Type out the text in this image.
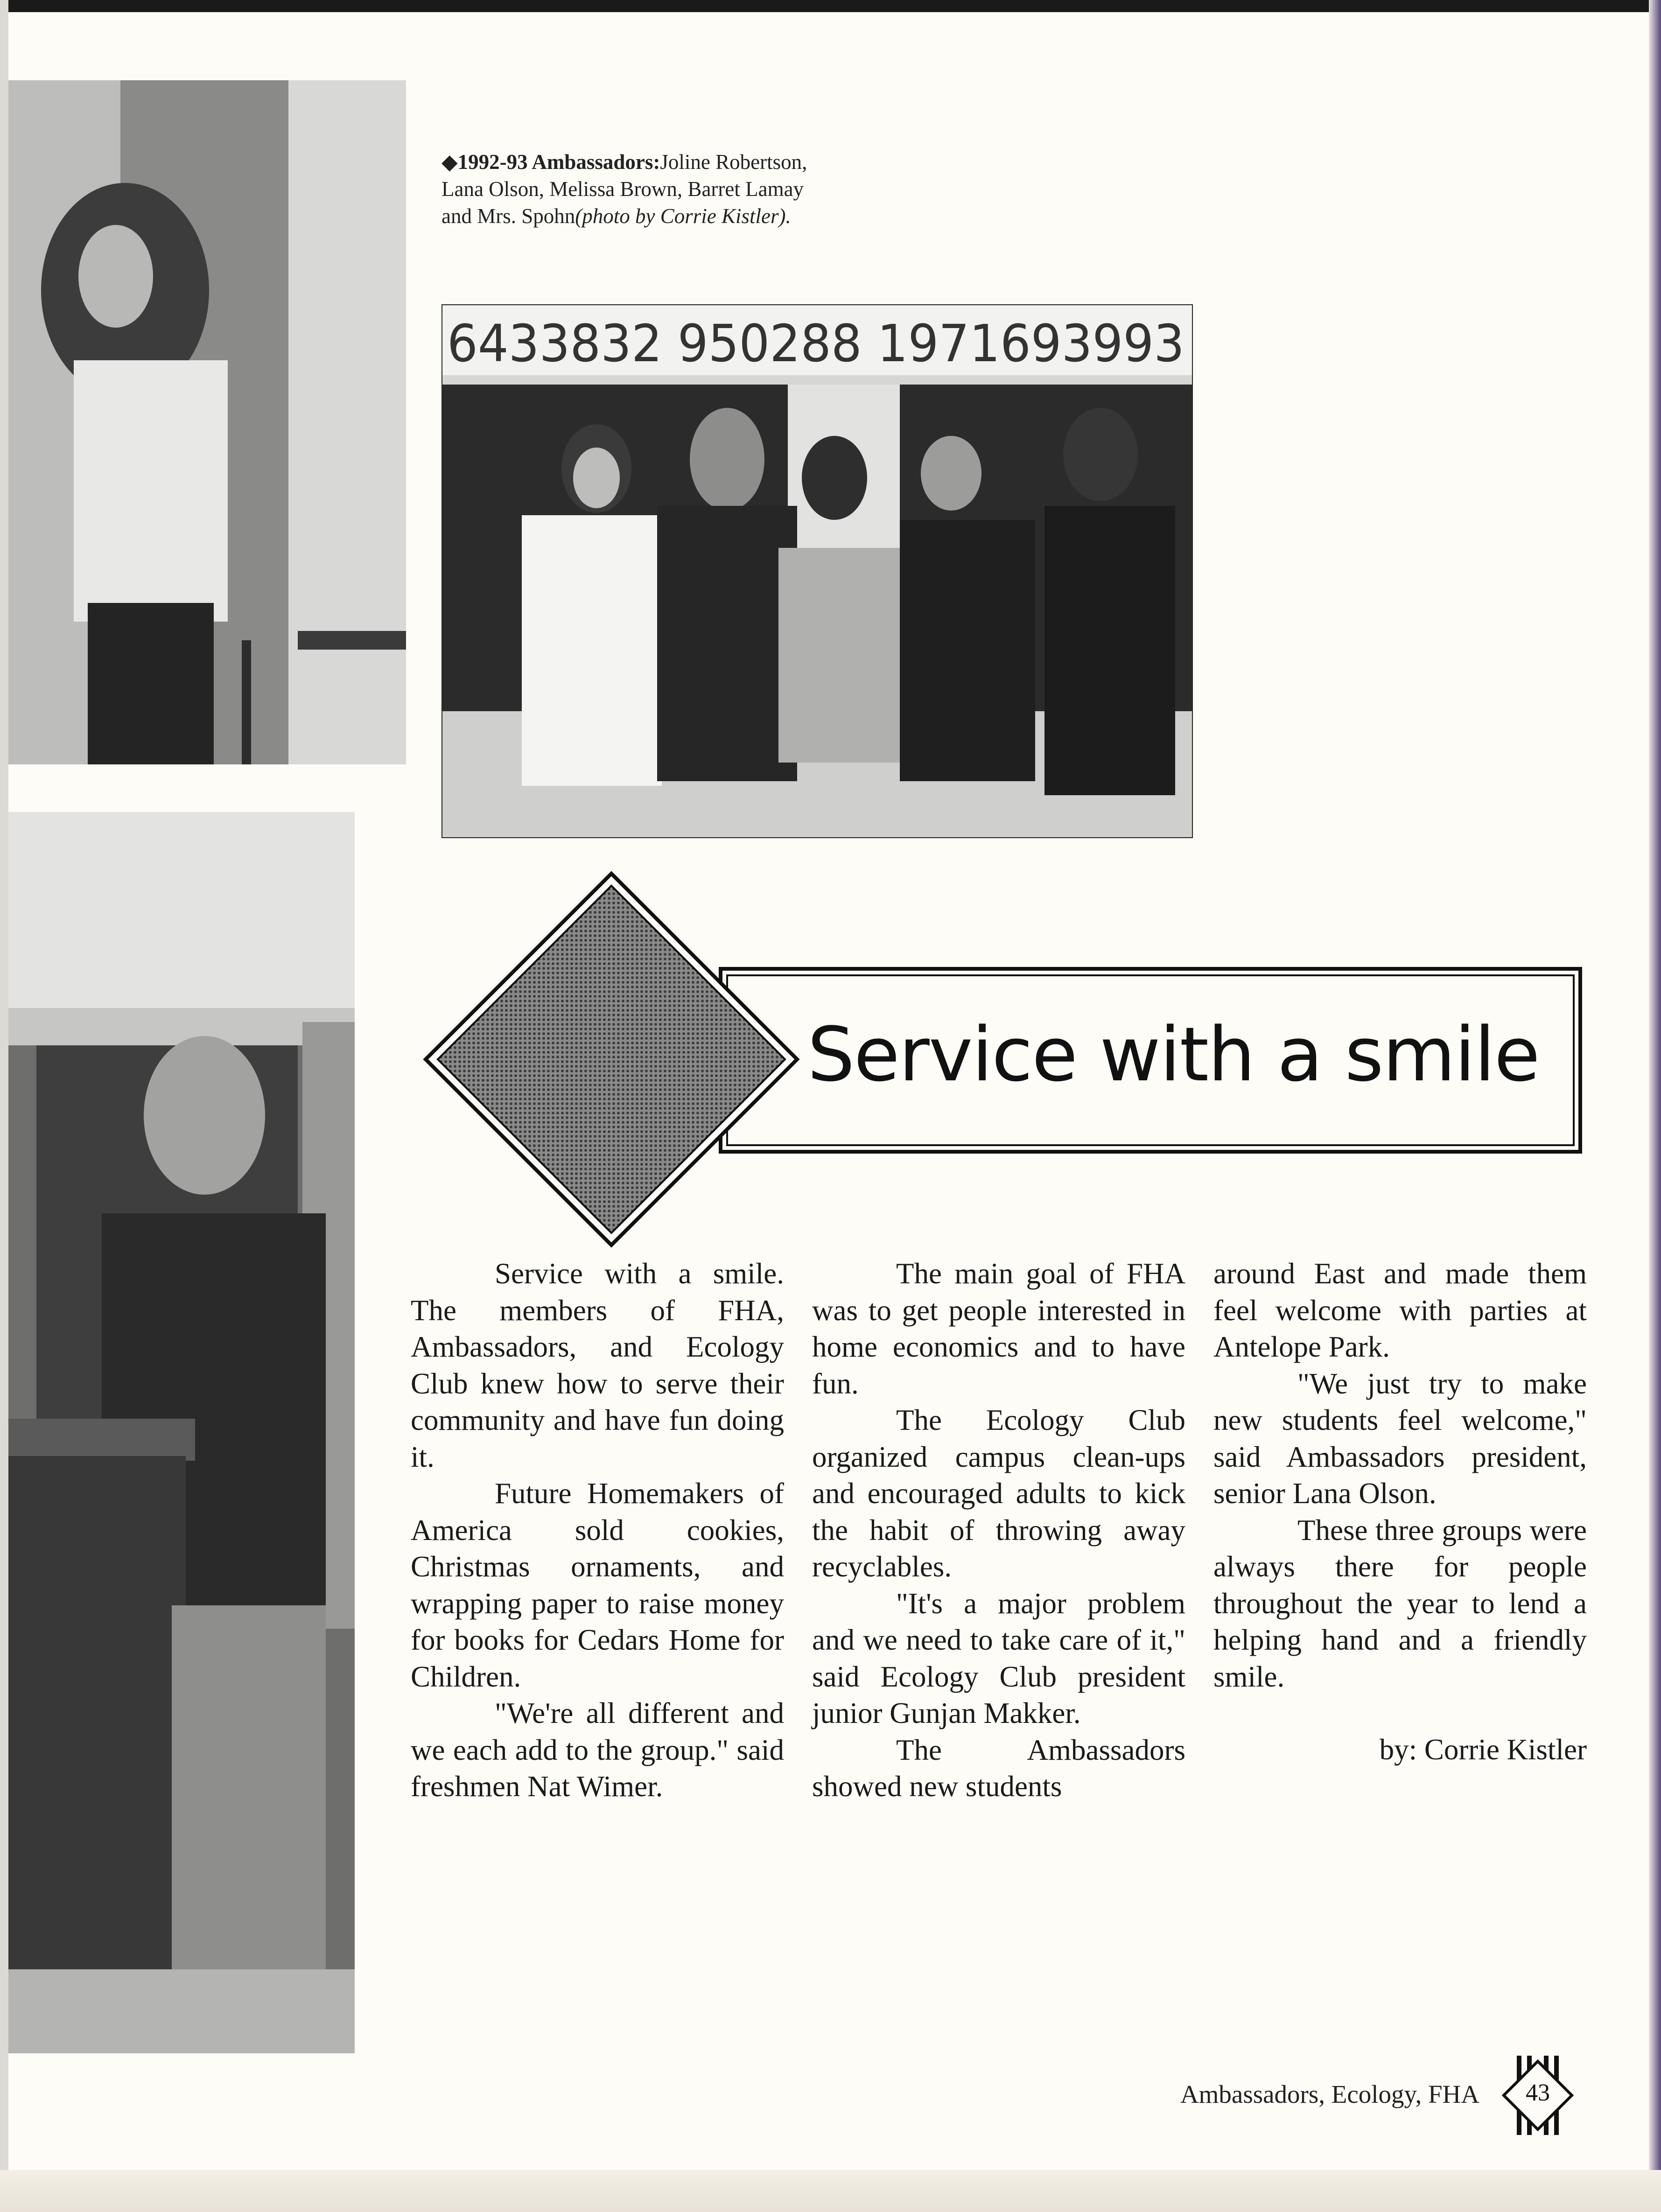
◆1992-93 Ambassadors:Joline Robertson, Lana Olson, Melissa Brown, Barret Lamay and Mrs. Spohn(photo by Corrie Kistler).
6433832 950288 1971693993
Service with a smile

Service with a smile. The members of FHA, Ambassadors, and Ecology Club knew how to serve their community and have fun doing it.

Future Homemakers of America sold cookies, Christmas ornaments, and wrapping paper to raise money for books for Cedars Home for Children.

"We're all different and we each add to the group." said freshmen Nat Wimer.

The main goal of FHA was to get people interested in home economics and to have fun.

The Ecology Club organized campus clean-ups and encouraged adults to kick the habit of throwing away recyclables.

"It's a major problem and we need to take care of it," said Ecology Club president junior Gunjan Makker.

The Ambassadors showed new students

around East and made them feel welcome with parties at Antelope Park.

"We just try to make new students feel welcome," said Ambassadors president, senior Lana Olson.

These three groups were always there for people throughout the year to lend a helping hand and a friendly smile.

by: Corrie Kistler

Ambassadors, Ecology, FHA	43
